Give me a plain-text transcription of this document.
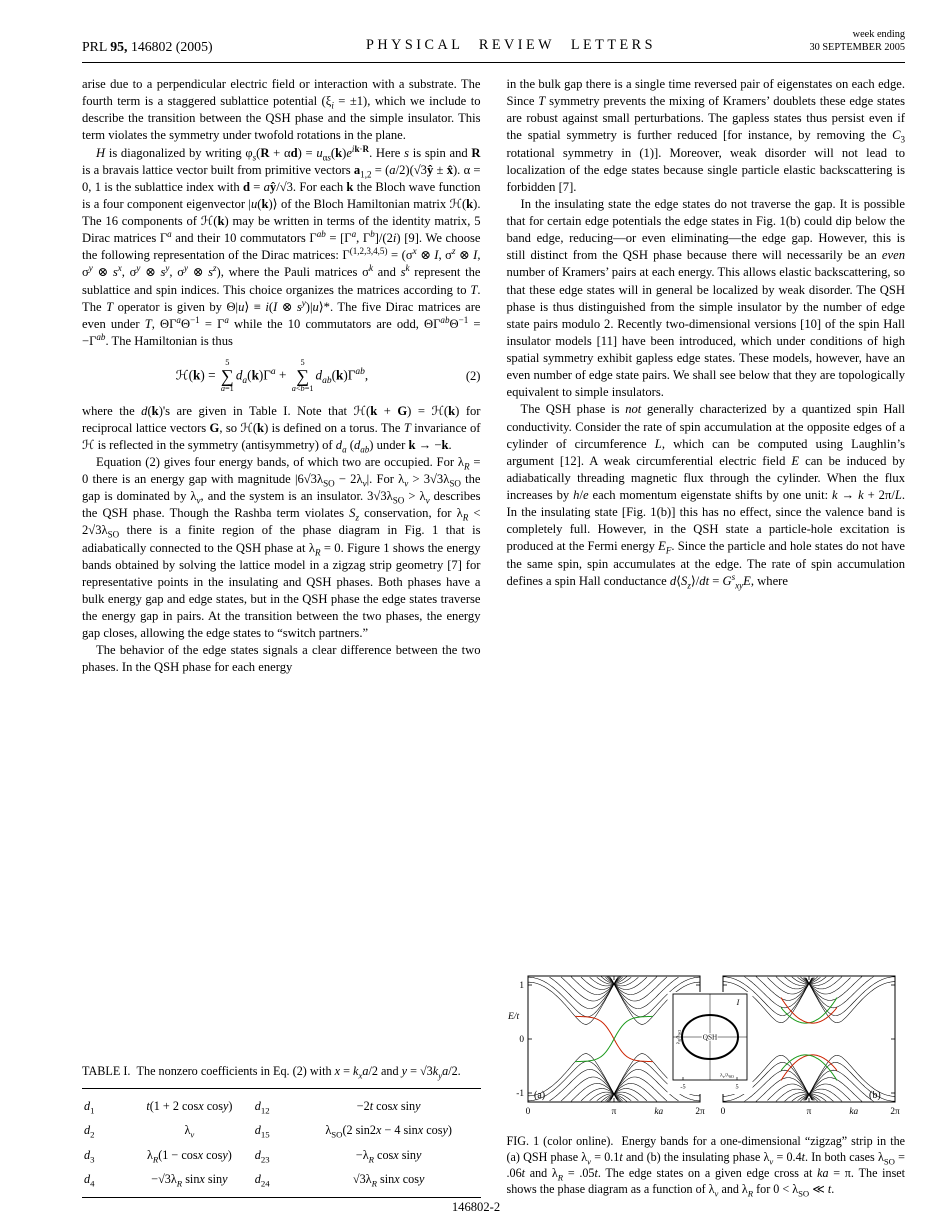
PRL 95, 146802 (2005)	PHYSICAL REVIEW LETTERS
week ending
30 SEPTEMBER 2005

arise due to a perpendicular electric field or interaction with a substrate. The fourth term is a staggered sublattice potential $(\xi_i = \pm 1)$, which we include to describe the transition between the QSH phase and the simple insulator. This term violates the symmetry under twofold rotations in the plane.

H is diagonalized by writing $\varphi_s(R + \alpha d) = u_{\alpha s}(k)e^{ik\cdot R}$. Here s is spin and R is a bravais lattice vector built from primitive vectors $a_{1,2}$ = (a/2)(√3ŷ ± x̂). α = 0, 1 is the sublattice index with d = aŷ/√3. For each k the Bloch wave function is a four component eigenvector |u(k)⟩ of the Bloch Hamiltonian matrix ℋ(k). The 16 components of ℋ(k) may be written in terms of the identity matrix, 5 Dirac matrices $\Gamma^a$ and their 10 commutators $\Gamma^{ab} = [\Gamma^a$, $\Gamma^b]/(2i)$ [9]. We choose the following representation of the Dirac matrices: $\Gamma^{(1,2,3,4,5)} = (\sigma^x$ ⊗ I, $\sigma^z$ ⊗ I, $\sigma^y$ ⊗ $s^x$, $\sigma^y$ ⊗ $s^y$, $\sigma^y$ ⊗ $s^z$), where the Pauli matrices $\sigma^k$ and $s^k$ represent the sublattice and spin indices. This choice organizes the matrices according to T. The T operator is given by Θ|u⟩ ≡ i(I ⊗ $s^y)|u⟩*$. The five Dirac matrices are even under T, $\Theta\Gamma^a\Theta^{-1} = \Gamma^a$ while the 10 commutators are odd, $\Theta\Gamma^{ab}\Theta^{-1} = -\Gamma^{ab}$. The Hamiltonian is thus

ℋ(k) =
5
∑
a=1
$d_a(k)\Gamma^a$ +
5
∑
a<b=1
$d_{ab}(k)\Gamma^{ab}$,	(2)

where the d(k)'s are given in Table I. Note that ℋ(k + G) = ℋ(k) for reciprocal lattice vectors G, so ℋ(k) is defined on a torus. The T invariance of ℋ is reflected in the symmetry (antisymmetry) of $d_a$ $(d_{ab})$ under k → −k.

Equation (2) gives four energy bands, of which two are occupied. For $\lambda_R = 0$ there is an energy gap with magnitude $|6√3\lambda_{SO} - 2\lambda_v|$. For $\lambda_v > 3√3\lambda_{SO}$ the gap is dominated by $\lambda_v$, and the system is an insulator. $3√3\lambda_{SO} > \lambda_v$ describes the QSH phase. Though the Rashba term violates $S_z$ conservation, for $\lambda_R < 2√3\lambda_{SO}$ there is a finite region of the phase diagram in Fig. 1 that is adiabatically connected to the QSH phase at $\lambda_R = 0$. Figure 1 shows the energy bands obtained by solving the lattice model in a zigzag strip geometry [7] for representative points in the insulating and QSH phases. Both phases have a bulk energy gap and edge states, but in the QSH phase the edge states traverse the energy gap in pairs. At the transition between the two phases, the energy gap closes, allowing the edge states to “switch partners.”

The behavior of the edge states signals a clear difference between the two phases. In the QSH phase for each energy

TABLE I.  The nonzero coefficients in Eq. (2) with $x = k_xa/2$ and $y = √3k_ya/2$.
$d_1$	t(1 + 2 cosx cosy)	$d_{12}$	−2t cosx siny
$d_2$	$\lambda_v$	$d_{15}$	$\lambda_{SO}(2$ sin2x − 4 sinx cosy)
$d_3$	$\lambda_R(1 - \cos x$ cosy)	$d_{23}$	$-\lambda_R$ cosx siny
$d_4$	$-√3\lambda_R$ sinx siny	$d_{24}$	$√3\lambda_R$ sinx cosy

in the bulk gap there is a single time reversed pair of eigenstates on each edge. Since T symmetry prevents the mixing of Kramers’ doublets these edge states are robust against small perturbations. The gapless states thus persist even if the spatial symmetry is further reduced [for instance, by removing the $C_3$ rotational symmetry in (1)]. Moreover, weak disorder will not lead to localization of the edge states because single particle elastic backscattering is forbidden [7].

In the insulating state the edge states do not traverse the gap. It is possible that for certain edge potentials the edge states in Fig. 1(b) could dip below the band edge, reducing—or even eliminating—the edge gap. However, this is still distinct from the QSH phase because there will necessarily be an even number of Kramers’ pairs at each energy. This allows elastic backscattering, so that these edge states will in general be localized by weak disorder. The QSH phase is thus distinguished from the simple insulator by the number of edge state pairs modulo 2. Recently two-dimensional versions [10] of the spin Hall insulator models [11] have been introduced, which under conditions of high spatial symmetry exhibit gapless edge states. These models, however, have an even number of edge state pairs. We shall see below that they are topologically equivalent to simple insulators.

The QSH phase is not generally characterized by a quantized spin Hall conductivity. Consider the rate of spin accumulation at the opposite edges of a cylinder of circumference L, which can be computed using Laughlin’s argument [12]. A weak circumferential electric field E can be induced by adiabatically threading magnetic flux through the cylinder. When the flux increases by h/e each momentum eigenstate shifts by one unit: k → k + 2π/L. In the insulating state [Fig. 1(b)] this has no effect, since the valence band is completely full. However, in the QSH state a particle-hole excitation is produced at the Fermi energy $E_F$. Since the particle and hole states do not have the same spin, spin accumulates at the edge. The rate of spin accumulation defines a spin Hall conductance $d⟨S_z⟩/dt = G^s_{xy}E$, where

0	π	ka	2π
1
0
-1
E/t
(a)
0	π	ka	2π
(b)
QSH
I
$\lambda_R/\lambda_{SO}$
$\lambda_v/\lambda_{SO}$
-5	5
FIG. 1 (color online).  Energy bands for a one-dimensional “zigzag” strip in the (a) QSH phase $\lambda_v = 0.1t$ and (b) the insulating phase $\lambda_v = 0.4t$. In both cases $\lambda_{SO} = .06t$ and $\lambda_R = .05t$. The edge states on a given edge cross at ka = π. The inset shows the phase diagram as a function of $\lambda_v$ and $\lambda_R$ for $0 < \lambda_{SO}$ ≪ t.
146802-2
